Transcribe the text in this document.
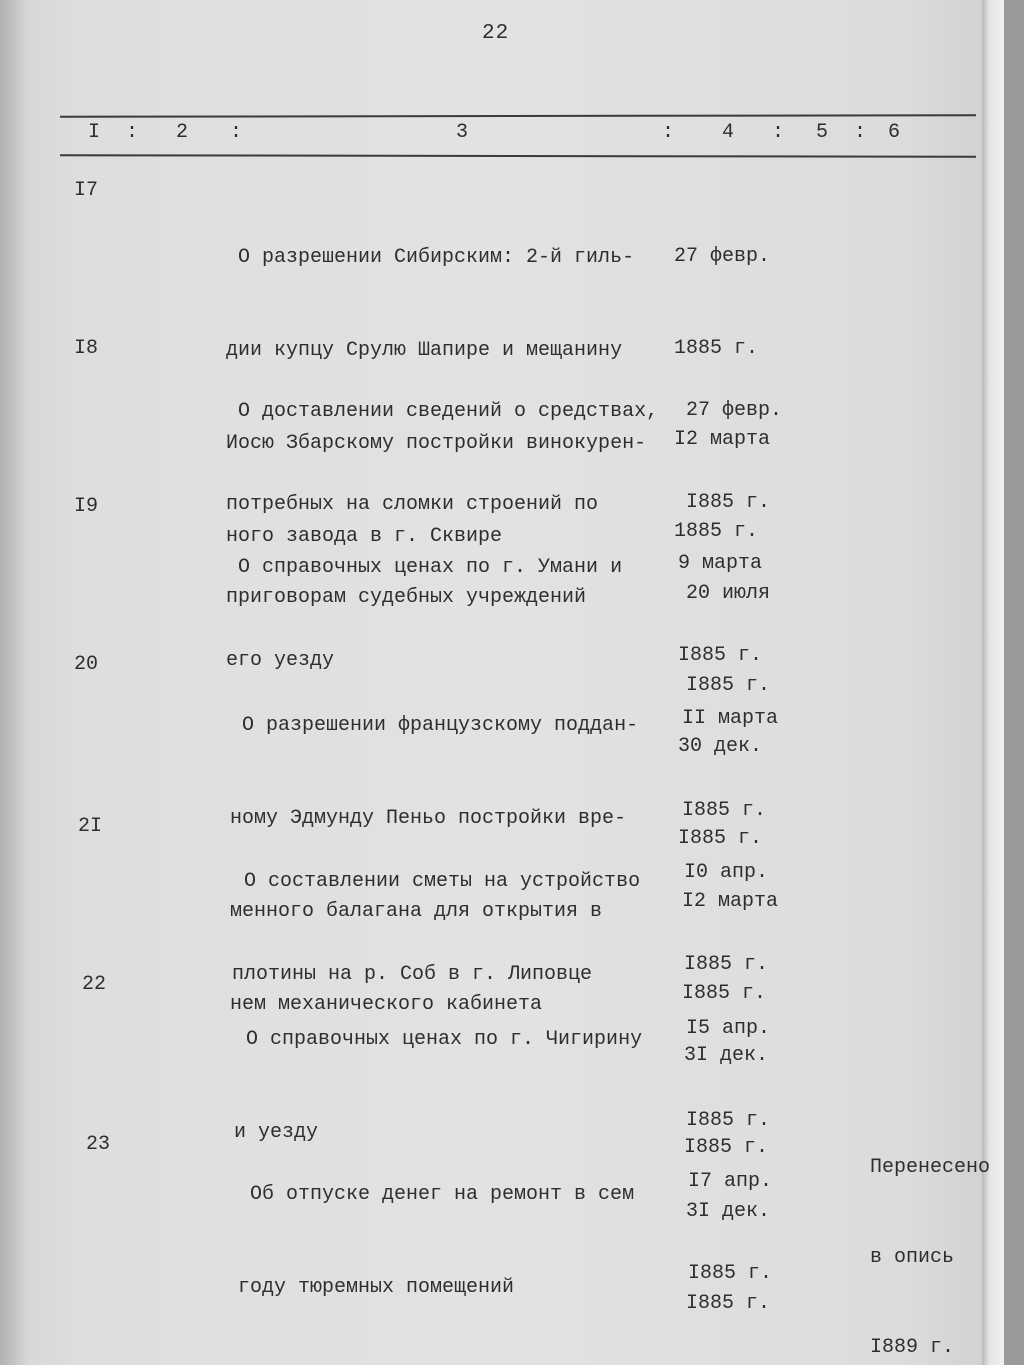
22
I : 2 :	3	: 4 : 5 : 6
I7

О разрешении Сибирским: 2-й гиль-

дии купцу Срулю Шапире и мещанину

Иосю Збарскому постройки винокурен-

ного завода в г. Сквире

27 февр.

1885 г.

I2 марта

1885 г.

I8

О доставлении сведений о средствах,

потребных на сломки строений по

приговорам судебных учреждений

27 февр.

I885 г.

20 июля

I885 г.

I9

О справочных ценах по г. Умани и

его уезду

9 марта

I885 г.

30 дек.

I885 г.

20

О разрешении французскому поддан-

ному Эдмунду Пеньо постройки вре-

менного балагана для открытия в

нем механического кабинета

II марта

I885 г.

I2 марта

I885 г.

2I

О составлении сметы на устройство

плотины на р. Соб в г. Липовце

I0 апр.

I885 г.

3I дек.

I885 г.

22

О справочных ценах по г. Чигирину

и уезду

I5 апр.

I885 г.

3I дек.

I885 г.

23

Об отпуске денег на ремонт в сем

году тюремных помещений

I7 апр.

I885 г.

Перенесено

в опись

I889 г.
